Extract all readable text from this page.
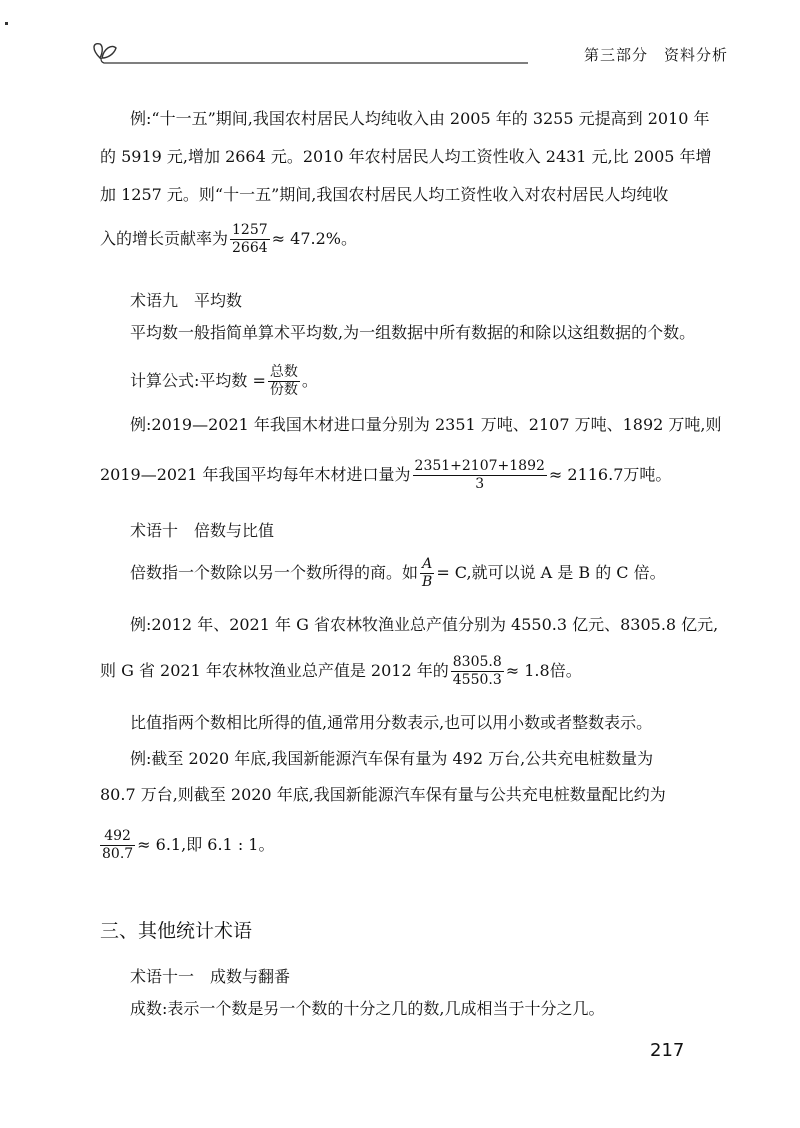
第三部分　资料分析
例:“十一五”期间,我国农村居民人均纯收入由 2005 年的 3255 元提高到 2010 年
的 5919 元,增加 2664 元。2010 年农村居民人均工资性收入 2431 元,比 2005 年增
加 1257 元。则“十一五”期间,我国农村居民人均工资性收入对农村居民人均纯收
入的增长贡献率为 $\frac{1257}{2664} \approx 47.2\%$。
术语九　平均数
平均数一般指简单算术平均数,为一组数据中所有数据的和除以这组数据的个数。
计算公式:平均数 = $\frac{\text{总数}}{\text{份数}}$ 。
例:2019—2021 年我国木材进口量分别为 2351 万吨、2107 万吨、1892 万吨,则
2019—2021 年我国平均每年木材进口量为 $\frac{2351+2107+1892}{3} \approx 2116.7$万吨。
术语十　倍数与比值
倍数指一个数除以另一个数所得的商。如 $\frac{A}{B} = C$,就可以说 A 是 B 的 C 倍。
例:2012 年、2021 年 G 省农林牧渔业总产值分别为 4550.3 亿元、8305.8 亿元,
则 G 省 2021 年农林牧渔业总产值是 2012 年的 $\frac{8305.8}{4550.3} \approx 1.8$倍。
比值指两个数相比所得的值,通常用分数表示,也可以用小数或者整数表示。
例:截至 2020 年底,我国新能源汽车保有量为 492 万台,公共充电桩数量为
80.7 万台,则截至 2020 年底,我国新能源汽车保有量与公共充电桩数量配比约为
$\frac{492}{80.7} \approx 6.1$,即 6.1 : 1。
三、其他统计术语
术语十一　成数与翻番
成数:表示一个数是另一个数的十分之几的数,几成相当于十分之几。
217
